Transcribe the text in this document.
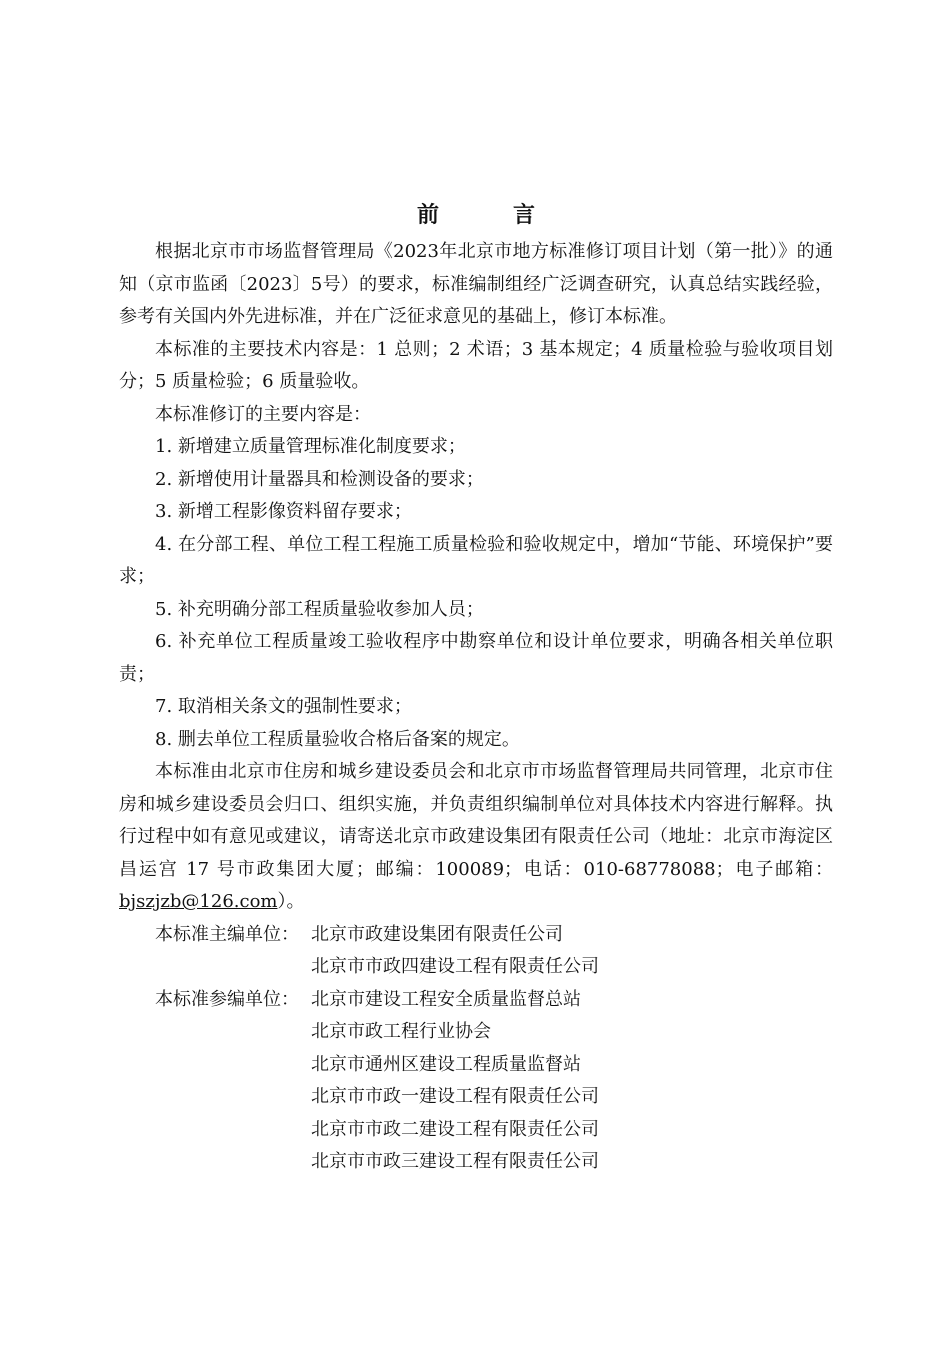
前　言

根据北京市市场监督管理局《2023年北京市地方标准修订项目计划（第一批）》的通知（京市监函〔2023〕5号）的要求，标准编制组经广泛调查研究，认真总结实践经验，参考有关国内外先进标准，并在广泛征求意见的基础上，修订本标准。

本标准的主要技术内容是：1 总则；2 术语；3 基本规定；4 质量检验与验收项目划分；5 质量检验；6 质量验收。

本标准修订的主要内容是：

1. 新增建立质量管理标准化制度要求；

2. 新增使用计量器具和检测设备的要求；

3. 新增工程影像资料留存要求；

4. 在分部工程、单位工程工程施工质量检验和验收规定中，增加“节能、环境保护”要求；

5. 补充明确分部工程质量验收参加人员；

6. 补充单位工程质量竣工验收程序中勘察单位和设计单位要求，明确各相关单位职责；

7. 取消相关条文的强制性要求；

8. 删去单位工程质量验收合格后备案的规定。

本标准由北京市住房和城乡建设委员会和北京市市场监督管理局共同管理，北京市住房和城乡建设委员会归口、组织实施，并负责组织编制单位对具体技术内容进行解释。执行过程中如有意见或建议，请寄送北京市政建设集团有限责任公司（地址：北京市海淀区昌运宫 17 号市政集团大厦；邮编：100089；电话：010-68778088；电子邮箱：bjszjzb@126.com）。

本标准主编单位： 北京市政建设集团有限责任公司
北京市市政四建设工程有限责任公司
本标准参编单位： 北京市建设工程安全质量监督总站
北京市政工程行业协会
北京市通州区建设工程质量监督站
北京市市政一建设工程有限责任公司
北京市市政二建设工程有限责任公司
北京市市政三建设工程有限责任公司
